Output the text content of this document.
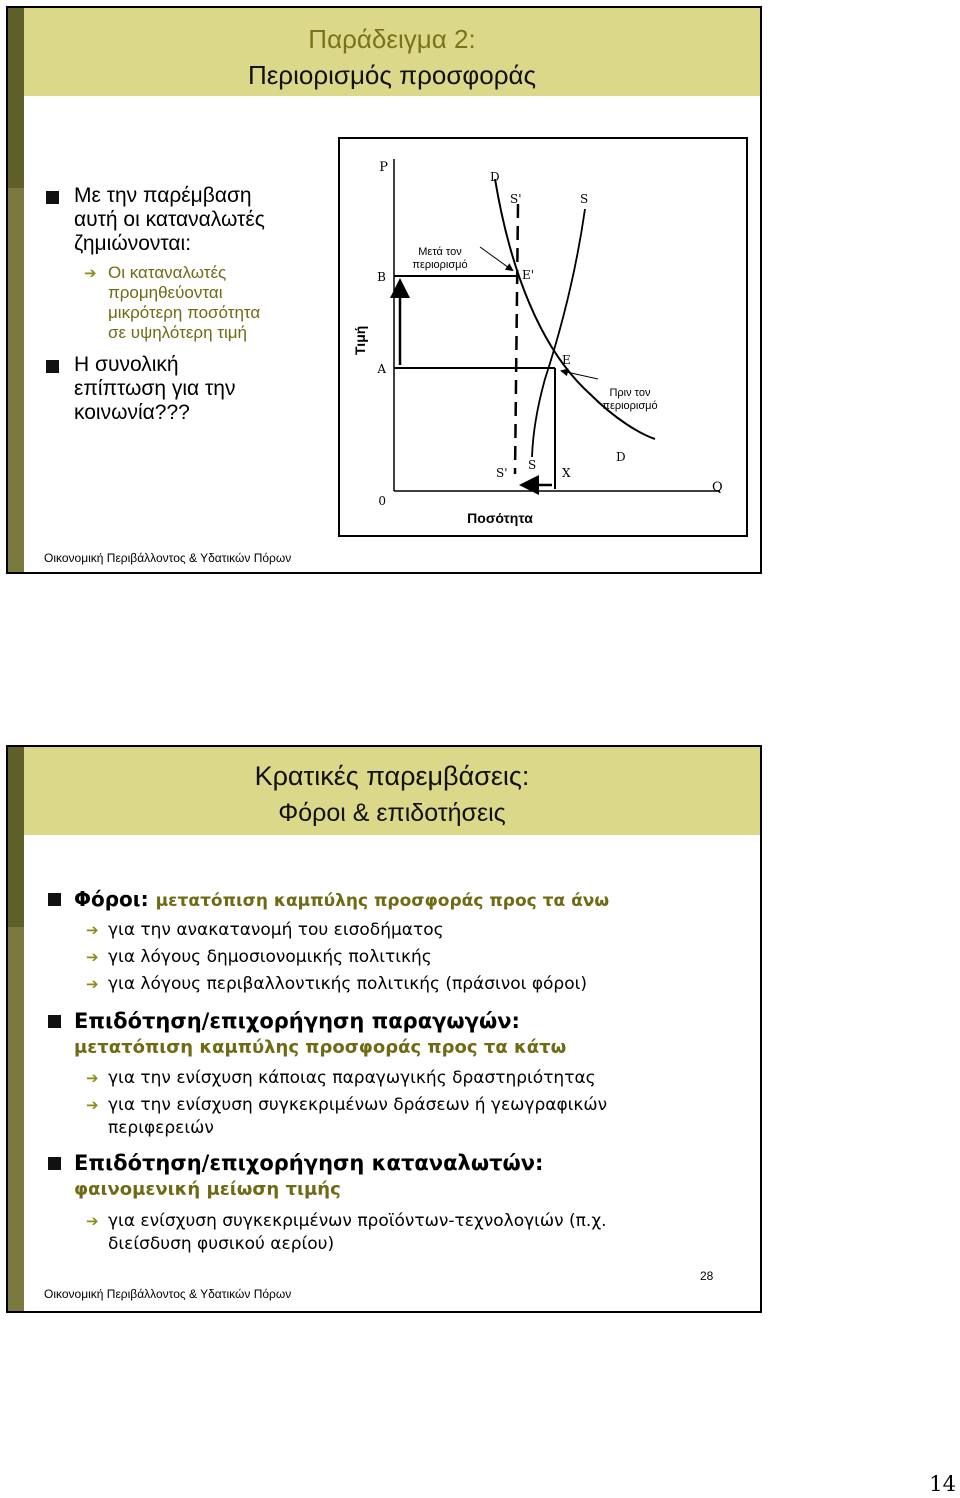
Παράδειγμα 2:
Περιορισμός προσφοράς
Με την παρέμβαση
αυτή οι καταναλωτές
ζημιώνονται:
➔ Οι καταναλωτές
προμηθεύονται
μικρότερη ποσότητα
σε υψηλότερη τιμή
Η συνολική
επίπτωση για την
κοινωνία???
Οικονομική Περιβάλλοντος & Υδατικών Πόρων
P
Q
0
B
A
E
E'
D
D
S'	S
S'
S
X
Μετά τον
περιορισμό
Πριν τον
περιορισμό
Ποσότητα
Τιμή
Κρατικές παρεμβάσεις:
Φόροι & επιδοτήσεις
Φόροι: μετατόπιση καμπύλης προσφοράς προς τα άνω
➔ για την ανακατανομή του εισοδήματος
➔ για λόγους δημοσιονομικής πολιτικής
➔ για λόγους περιβαλλοντικής πολιτικής (πράσινοι φόροι)
Επιδότηση/επιχορήγηση παραγωγών:
μετατόπιση καμπύλης προσφοράς προς τα κάτω
➔ για την ενίσχυση κάποιας παραγωγικής δραστηριότητας
➔ για την ενίσχυση συγκεκριμένων δράσεων ή γεωγραφικών
περιφερειών
Επιδότηση/επιχορήγηση καταναλωτών:
φαινομενική μείωση τιμής
➔ για ενίσχυση συγκεκριμένων προϊόντων-τεχνολογιών (π.χ.
διείσδυση φυσικού αερίου)
28
Οικονομική Περιβάλλοντος & Υδατικών Πόρων
14
